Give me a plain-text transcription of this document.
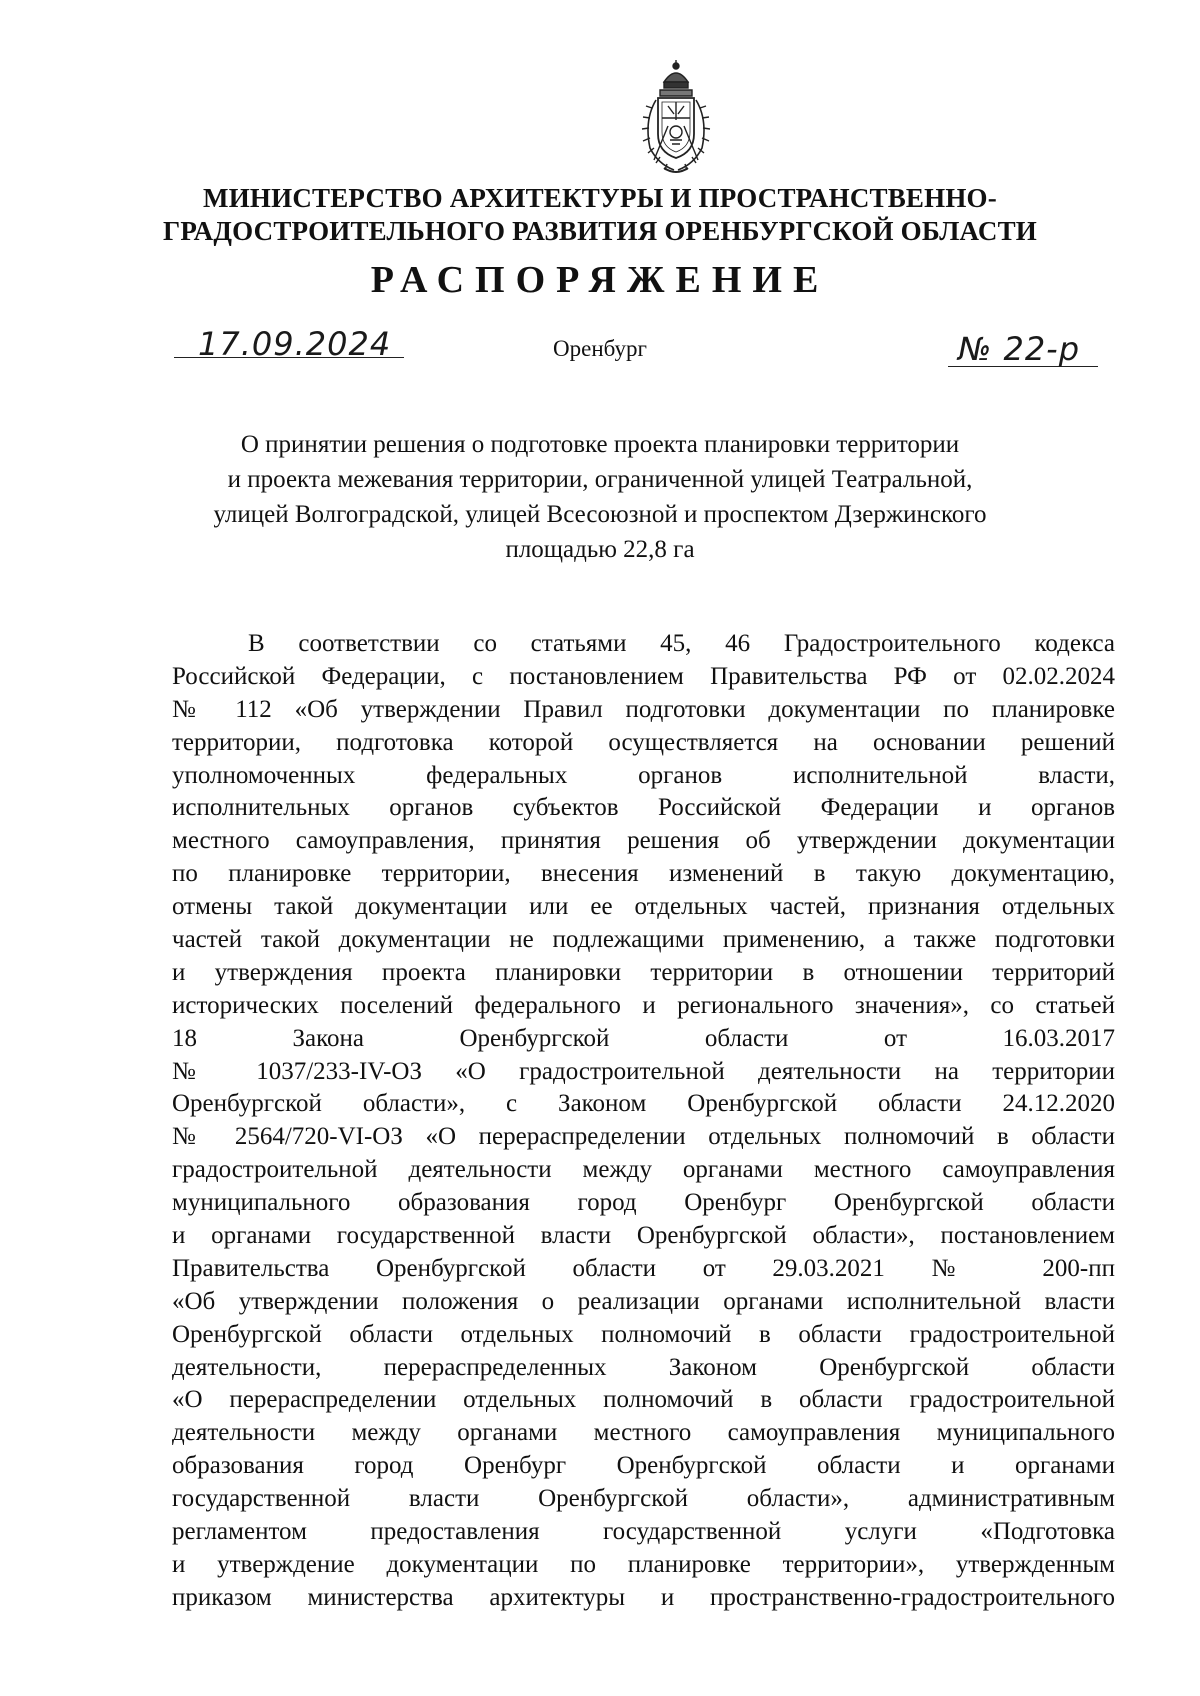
МИНИСТЕРСТВО АРХИТЕКТУРЫ И ПРОСТРАНСТВЕННО-
ГРАДОСТРОИТЕЛЬНОГО РАЗВИТИЯ ОРЕНБУРГСКОЙ ОБЛАСТИ
РАСПОРЯЖЕНИЕ
17.09.2024	Оренбург	№ 22-р
О принятии решения о подготовке проекта планировки территории
и проекта межевания территории, ограниченной улицей Театральной,
улицей Волгоградской, улицей Всесоюзной и проспектом Дзержинского
площадью 22,8 га
В соответствии со статьями 45, 46 Градостроительного кодекса
Российской Федерации, с постановлением Правительства РФ от 02.02.2024
№ 112 «Об утверждении Правил подготовки документации по планировке
территории, подготовка которой осуществляется на основании решений
уполномоченных федеральных органов исполнительной власти,
исполнительных органов субъектов Российской Федерации и органов
местного самоуправления, принятия решения об утверждении документации
по планировке территории, внесения изменений в такую документацию,
отмены такой документации или ее отдельных частей, признания отдельных
частей такой документации не подлежащими применению, а также подготовки
и утверждения проекта планировки территории в отношении территорий
исторических поселений федерального и регионального значения», со статьей
18 Закона Оренбургской области от 16.03.2017
№ 1037/233-IV-ОЗ «О градостроительной деятельности на территории
Оренбургской области», с Законом Оренбургской области 24.12.2020
№ 2564/720-VI-ОЗ «О перераспределении отдельных полномочий в области
градостроительной деятельности между органами местного самоуправления
муниципального образования город Оренбург Оренбургской области
и органами государственной власти Оренбургской области», постановлением
Правительства Оренбургской области от 29.03.2021 № 200-пп
«Об утверждении положения о реализации органами исполнительной власти
Оренбургской области отдельных полномочий в области градостроительной
деятельности, перераспределенных Законом Оренбургской области
«О перераспределении отдельных полномочий в области градостроительной
деятельности между органами местного самоуправления муниципального
образования город Оренбург Оренбургской области и органами
государственной власти Оренбургской области», административным
регламентом предоставления государственной услуги «Подготовка
и утверждение документации по планировке территории», утвержденным
приказом министерства архитектуры и пространственно-градостроительного
